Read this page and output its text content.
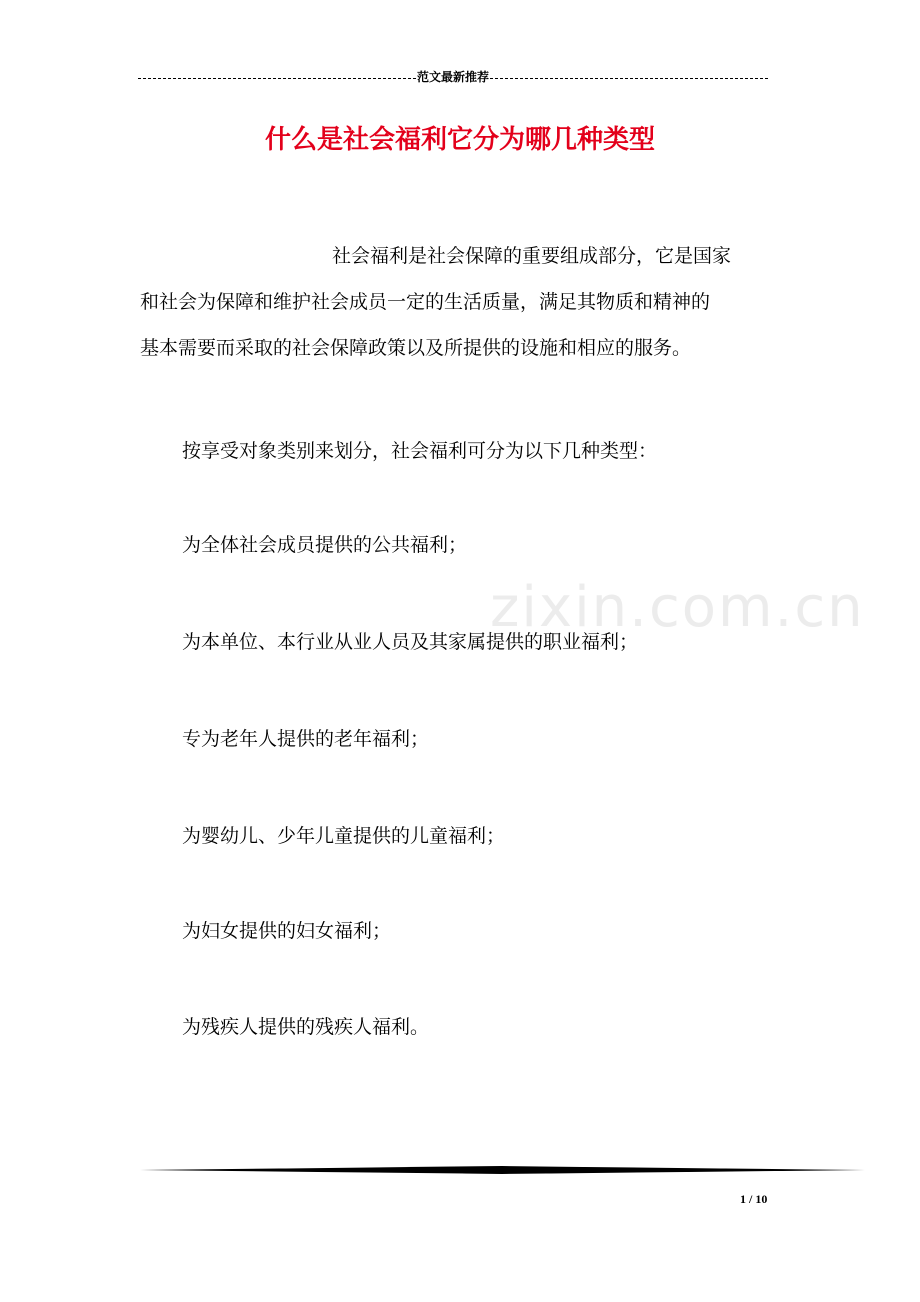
范文最新推荐
zixin.com.cn
什么是社会福利它分为哪几种类型
社会福利是社会保障的重要组成部分，它是国家
和社会为保障和维护社会成员一定的生活质量，满足其物质和精神的
基本需要而采取的社会保障政策以及所提供的设施和相应的服务。
按享受对象类别来划分，社会福利可分为以下几种类型：
为全体社会成员提供的公共福利；
为本单位、本行业从业人员及其家属提供的职业福利；
专为老年人提供的老年福利；
为婴幼儿、少年儿童提供的儿童福利；
为妇女提供的妇女福利；
为残疾人提供的残疾人福利。
1 / 10
